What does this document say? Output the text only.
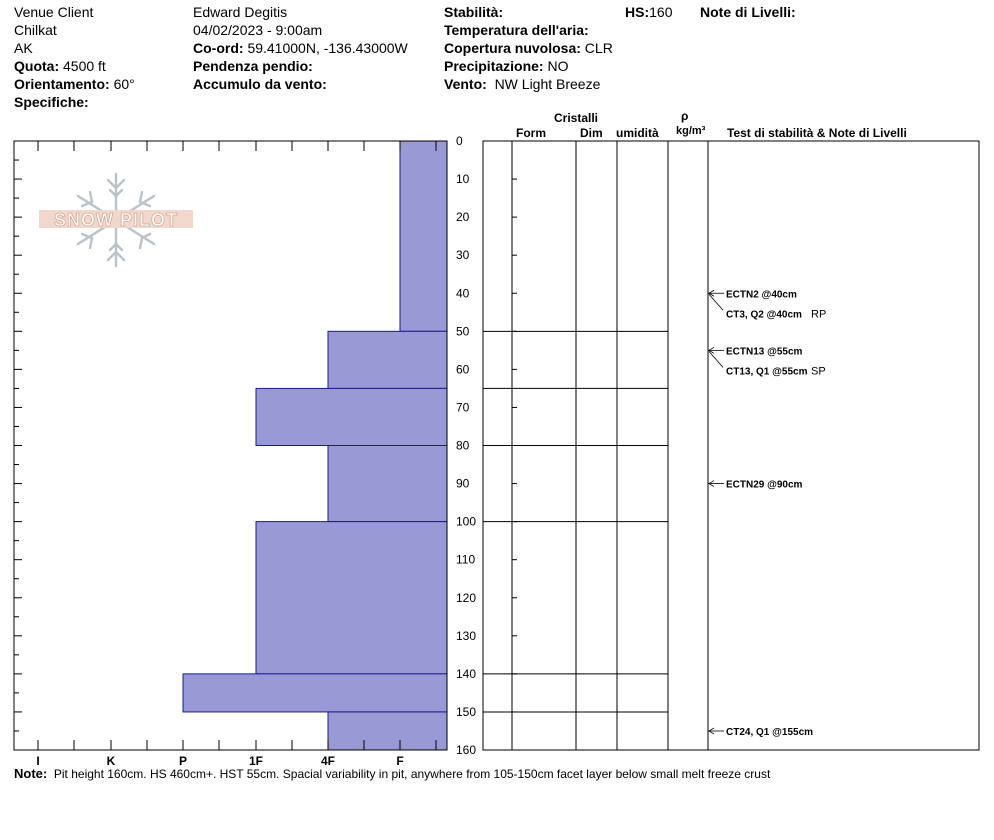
Venue Client
Chilkat
AK
Quota: 4500 ft
Orientamento: 60°
Specifiche:
Edward Degitis
04/02/2023 - 9:00am
Co-ord: 59.41000N, -136.43000W
Pendenza pendio:
Accumulo da vento:
Stabilità:	HS:160 Note di Livelli:
Temperatura dell'aria:
Copertura nuvolosa: CLR
Precipitazione: NO
Vento: NW Light Breeze
Cristalli
Form	Dim umidità
ρ
kg/m³ Test di stabilità & Note di Livelli
SNOW PILOT
I	K	P	1F	4F	F
0
10
20
30
40
50
60
70
80
90
100
110
120
130
140
150
160
ECTN2 @40cm
CT3, Q2 @40cm RP
ECTN13 @55cm
CT13, Q1 @55cm SP
ECTN29 @90cm
CT24, Q1 @155cm
Note: Pit height 160cm. HS 460cm+. HST 55cm. Spacial variability in pit, anywhere from 105-150cm facet layer below small melt freeze crust
